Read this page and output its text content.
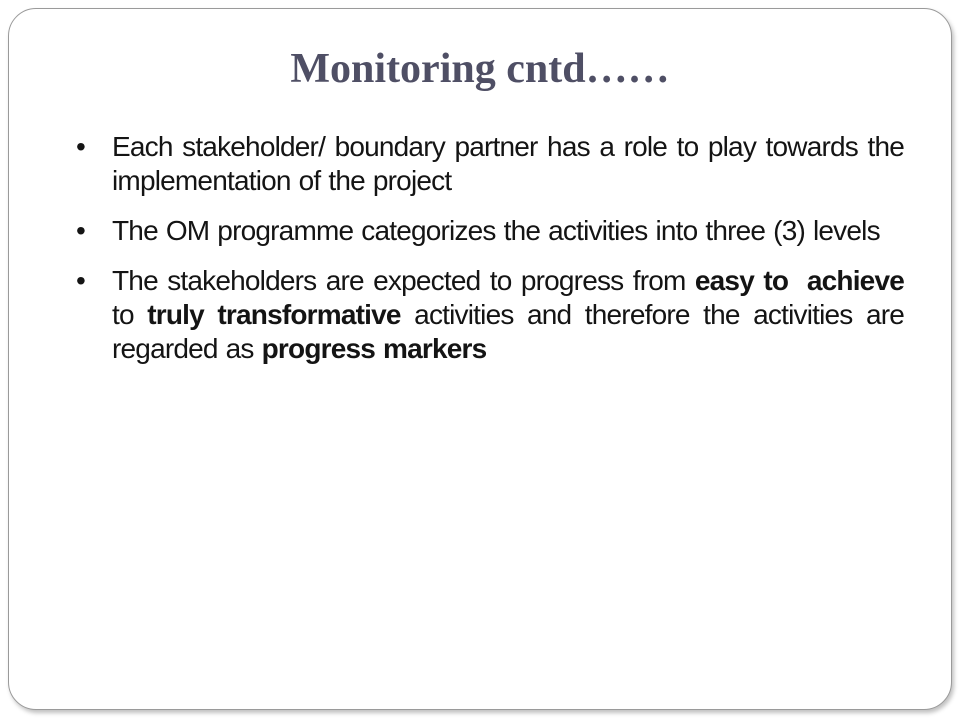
Monitoring cntd……
• Each stakeholder/ boundary partner has a role to play towards the implementation of the project
• The OM programme categorizes the activities into three (3) levels
• The stakeholders are expected to progress from easy to  achieve to truly transformative activities and therefore the activities are regarded as progress markers
